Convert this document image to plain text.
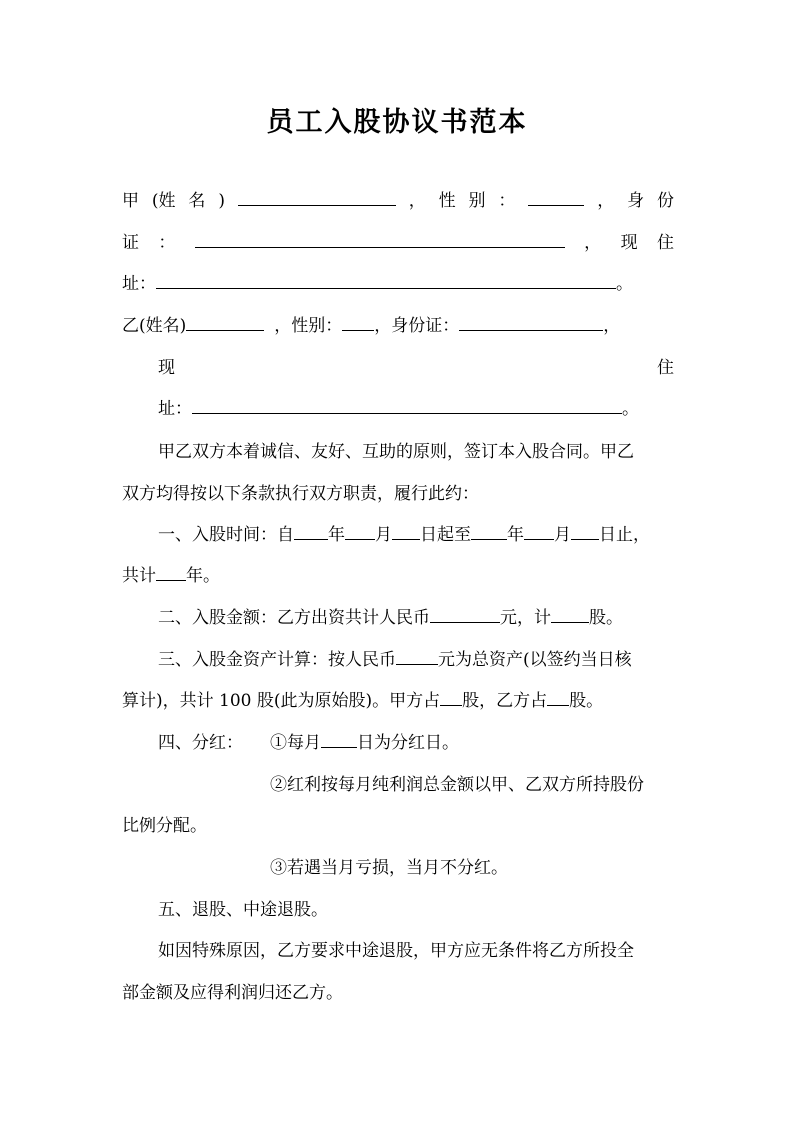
员工入股协议书范本
甲 (姓 名 )	， 性 别 ：	， 身 份
证 ：	， 现 住
址：	。
乙(姓名)	，性别： ，身份证：	，
现	住
址：	。
甲乙双方本着诚信、友好、互助的原则，签订本入股合同。甲乙
双方均得按以下条款执行双方职责，履行此约：
一、入股时间：自 年 月 日起至 年 月 日止，
共计 年。
二、入股金额：乙方出资共计人民币	元，计 股。
三、入股金资产计算：按人民币 元为总资产(以签约当日核
算计)，共计 100 股(此为原始股)。甲方占 股，乙方占 股。
四、分红： ①每月 日为分红日。
②红利按每月纯利润总金额以甲、乙双方所持股份
比例分配。
③若遇当月亏损，当月不分红。
五、退股、中途退股。
如因特殊原因，乙方要求中途退股，甲方应无条件将乙方所投全
部金额及应得利润归还乙方。
